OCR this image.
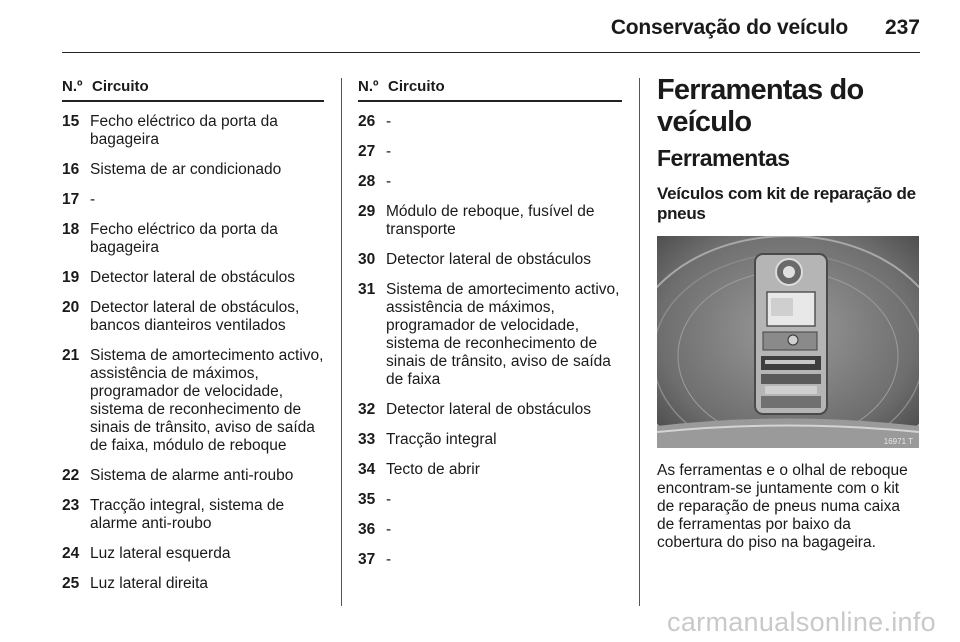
Conservação do veículo 237
N.º Circuito
15 Fecho eléctrico da porta da bagageira
16 Sistema de ar condicionado
17 -
18 Fecho eléctrico da porta da bagageira
19 Detector lateral de obstáculos
20 Detector lateral de obstáculos, bancos dianteiros ventilados
21 Sistema de amortecimento activo, assistência de máximos, programador de velocidade, sistema de reconhecimento de sinais de trânsito, aviso de saída de faixa, módulo de reboque
22 Sistema de alarme anti-roubo
23 Tracção integral, sistema de alarme anti-roubo
24 Luz lateral esquerda
25 Luz lateral direita
N.º Circuito
26 -
27 -
28 -
29 Módulo de reboque, fusível de transporte
30 Detector lateral de obstáculos
31 Sistema de amortecimento activo, assistência de máximos, programador de velocidade, sistema de reconhecimento de sinais de trânsito, aviso de saída de faixa
32 Detector lateral de obstáculos
33 Tracção integral
34 Tecto de abrir
35 -
36 -
37 -
Ferramentas do veículo
Ferramentas
Veículos com kit de reparação de pneus
16971 T
As ferramentas e o olhal de reboque encontram-se juntamente com o kit de reparação de pneus numa caixa de ferramentas por baixo da cobertura do piso na bagageira.
carmanualsonline.info
